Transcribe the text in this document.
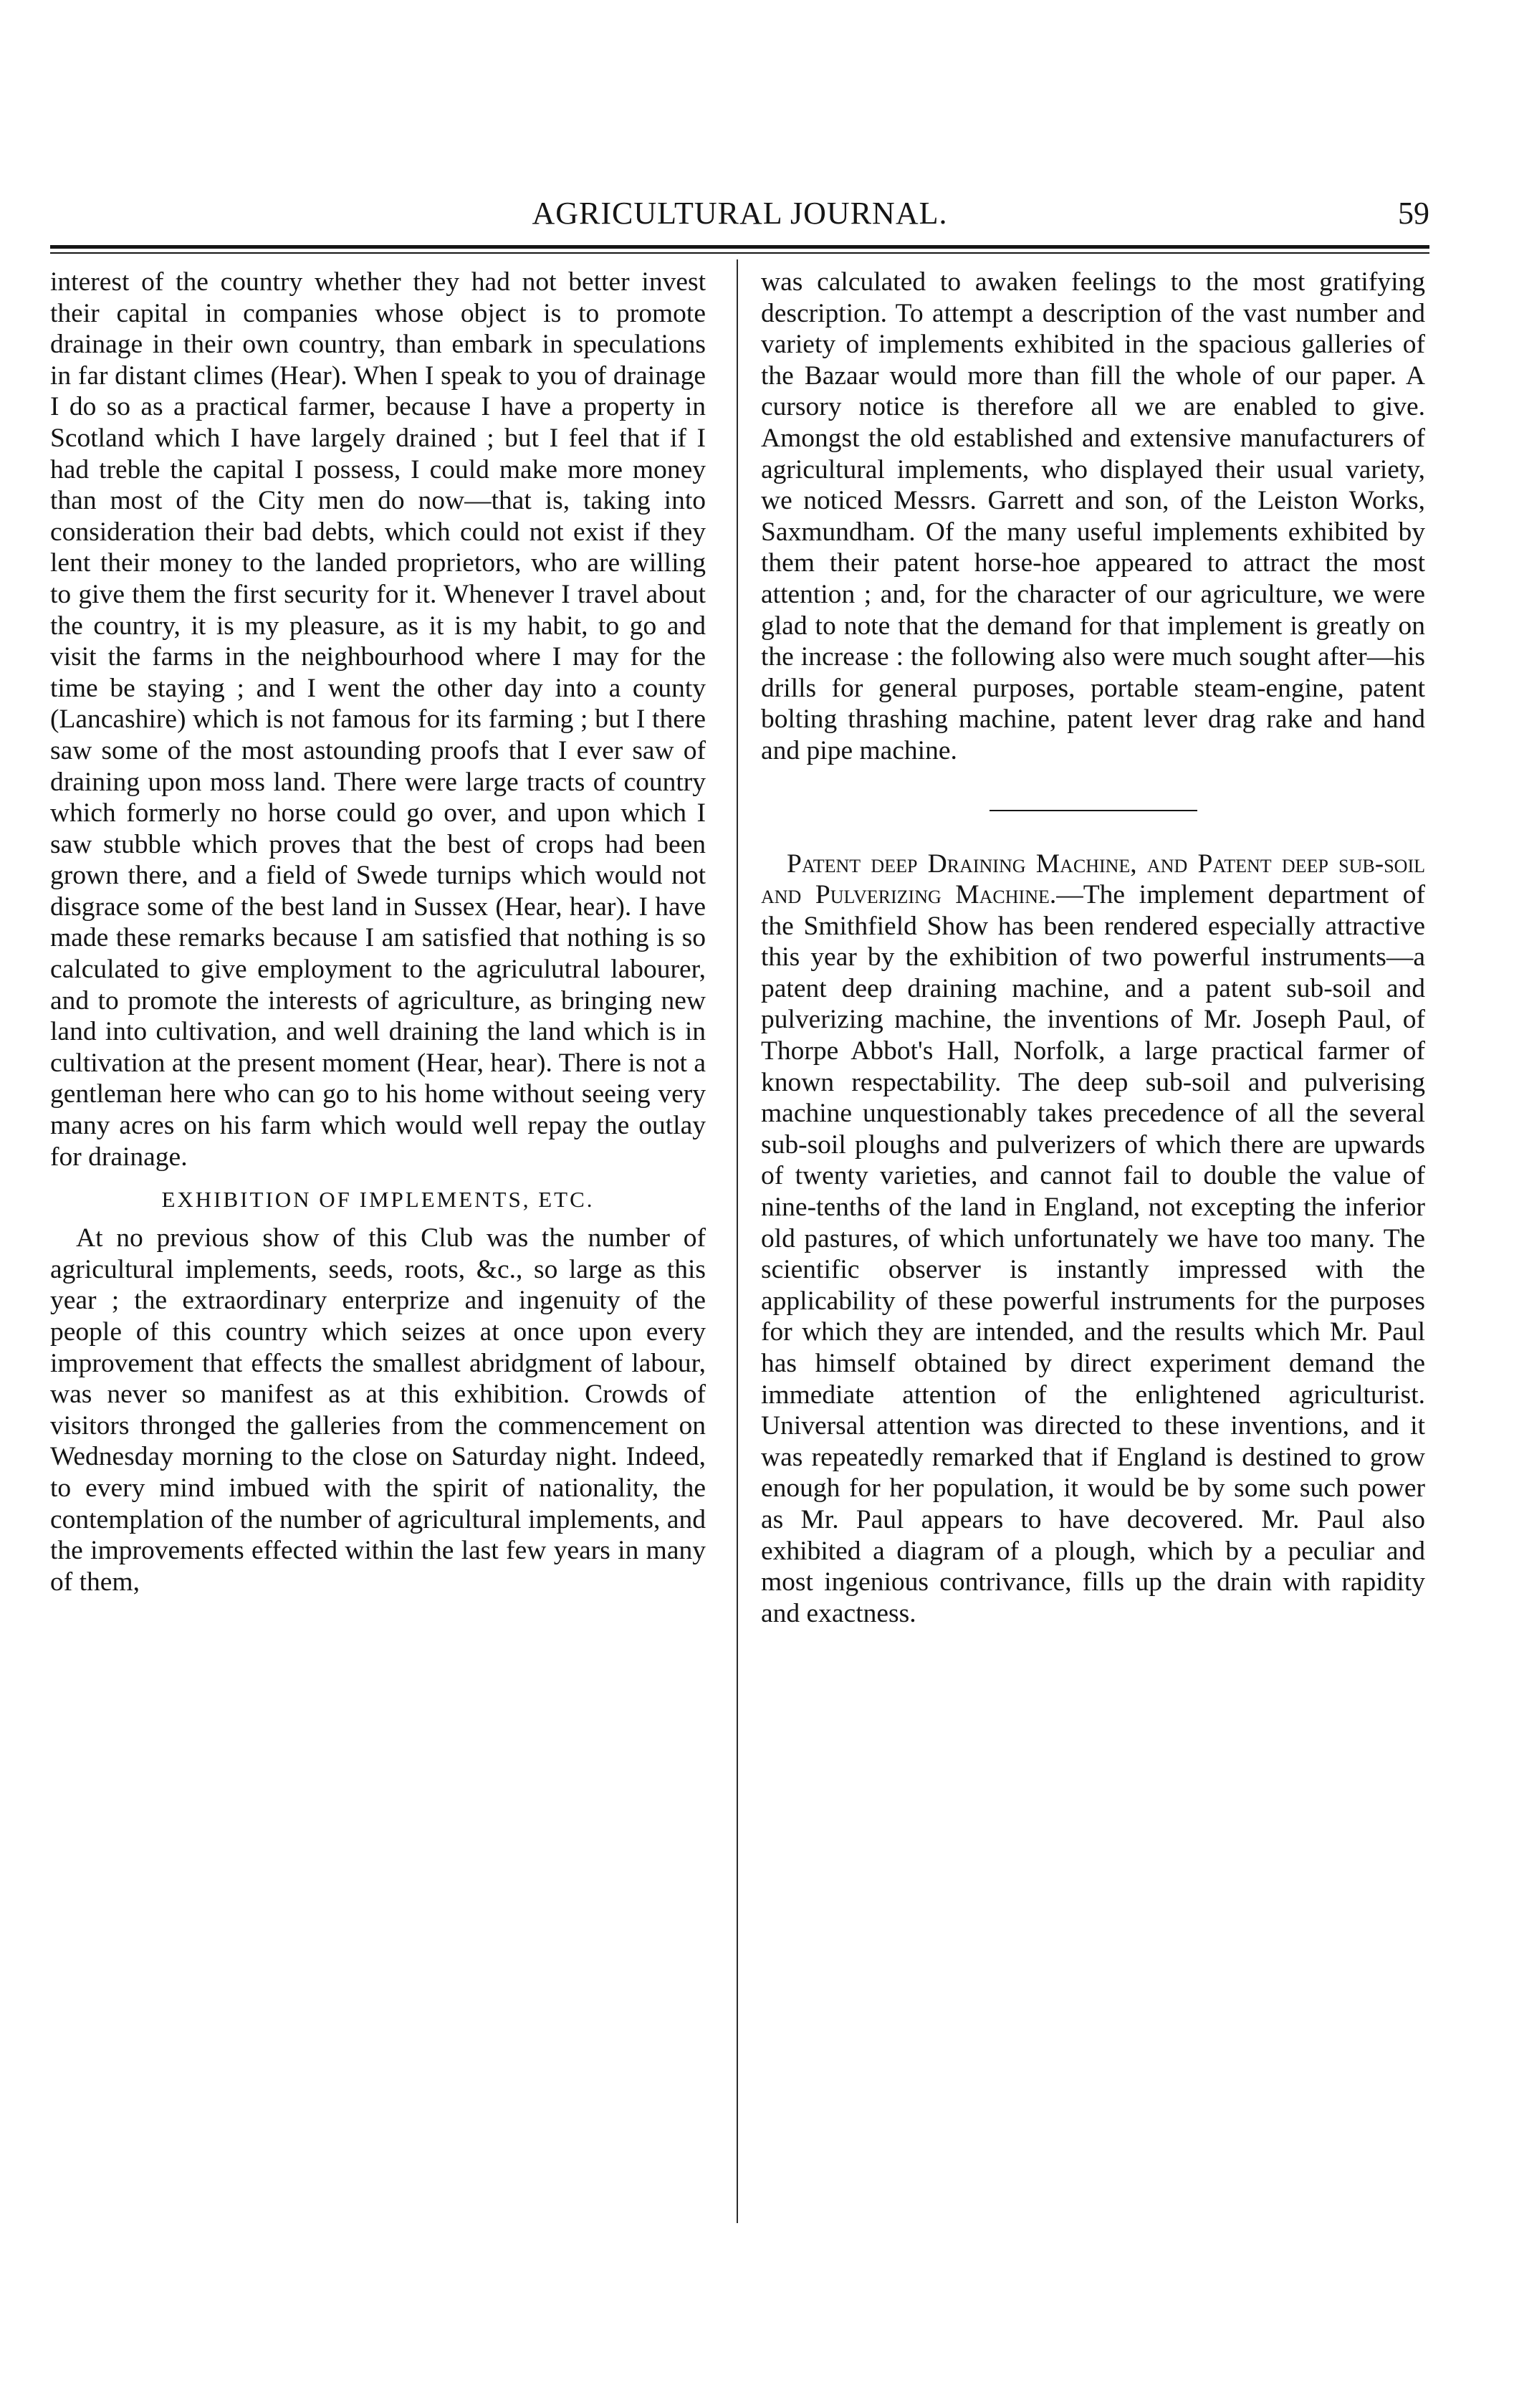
AGRICULTURAL JOURNAL.	59

interest of the country whether they had not better invest their capital in companies whose object is to promote drainage in their own country, than embark in speculations in far distant climes (Hear). When I speak to you of drainage I do so as a practical farmer, because I have a property in Scotland which I have largely drained ; but I feel that if I had treble the capital I possess, I could make more money than most of the City men do now—that is, taking into consideration their bad debts, which could not exist if they lent their money to the landed proprietors, who are willing to give them the first security for it. Whenever I travel about the country, it is my pleasure, as it is my habit, to go and visit the farms in the neighbourhood where I may for the time be staying ; and I went the other day into a county (Lancashire) which is not famous for its farming ; but I there saw some of the most astounding proofs that I ever saw of draining upon moss land. There were large tracts of country which formerly no horse could go over, and upon which I saw stubble which proves that the best of crops had been grown there, and a field of Swede turnips which would not disgrace some of the best land in Sussex (Hear, hear). I have made these remarks because I am satisfied that nothing is so calculated to give employment to the agriculutral labourer, and to promote the interests of agriculture, as bringing new land into cultivation, and well draining the land which is in cultivation at the present moment (Hear, hear). There is not a gentleman here who can go to his home without seeing very many acres on his farm which would well repay the outlay for drainage.

EXHIBITION OF IMPLEMENTS, ETC.

At no previous show of this Club was the number of agricultural implements, seeds, roots, &c., so large as this year ; the extraordinary enterprize and ingenuity of the people of this country which seizes at once upon every improvement that effects the smallest abridgment of labour, was never so manifest as at this exhibition. Crowds of visitors thronged the galleries from the commencement on Wednesday morning to the close on Saturday night. Indeed, to every mind imbued with the spirit of nationality, the contemplation of the number of agricultural implements, and the improvements effected within the last few years in many of them,

was calculated to awaken feelings to the most gratifying description. To attempt a description of the vast number and variety of implements exhibited in the spacious galleries of the Bazaar would more than fill the whole of our paper. A cursory notice is therefore all we are enabled to give. Amongst the old established and extensive manufacturers of agricultural implements, who displayed their usual variety, we noticed Messrs. Garrett and son, of the Leiston Works, Saxmundham. Of the many useful implements exhibited by them their patent horse-hoe appeared to attract the most attention ; and, for the character of our agriculture, we were glad to note that the demand for that implement is greatly on the increase : the following also were much sought after—his drills for general purposes, portable steam-engine, patent bolting thrashing machine, patent lever drag rake and hand and pipe machine.

Patent deep Draining Machine, and Patent deep sub-soil and Pulverizing Machine.—The implement department of the Smithfield Show has been rendered especially attractive this year by the exhibition of two powerful instruments—a patent deep draining machine, and a patent sub-soil and pulverizing machine, the inventions of Mr. Joseph Paul, of Thorpe Abbot's Hall, Norfolk, a large practical farmer of known respectability. The deep sub-soil and pulverising machine unquestionably takes precedence of all the several sub-soil ploughs and pulverizers of which there are upwards of twenty varieties, and cannot fail to double the value of nine-tenths of the land in England, not excepting the inferior old pastures, of which unfortunately we have too many. The scientific observer is instantly impressed with the applicability of these powerful instruments for the purposes for which they are intended, and the results which Mr. Paul has himself obtained by direct experiment demand the immediate attention of the enlightened agriculturist. Universal attention was directed to these inventions, and it was repeatedly remarked that if England is destined to grow enough for her population, it would be by some such power as Mr. Paul appears to have decovered. Mr. Paul also exhibited a diagram of a plough, which by a peculiar and most ingenious contrivance, fills up the drain with rapidity and exactness.
